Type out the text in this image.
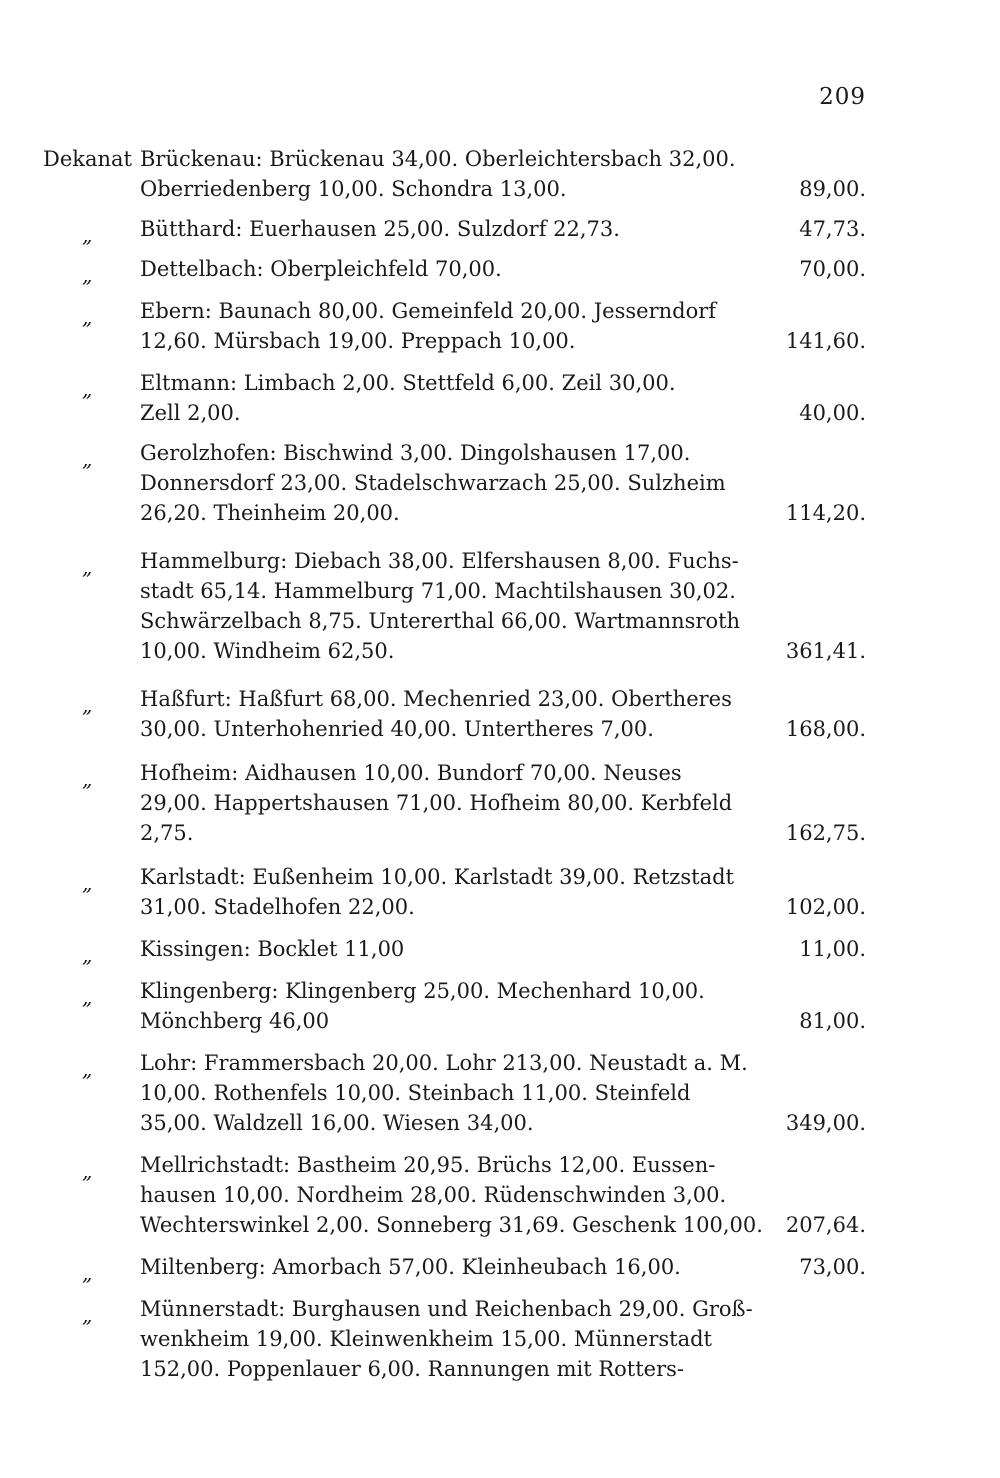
209
Dekanat Brückenau: Brückenau 34,00. Oberleichtersbach 32,00.
Oberriedenberg 10,00. Schondra 13,00.	89,00.
„ Bütthard: Euerhausen 25,00. Sulzdorf 22,73.	47,73.
„ Dettelbach: Oberpleichfeld 70,00.	70,00.
„ Ebern: Baunach 80,00. Gemeinfeld 20,00. Jesserndorf
12,60. Mürsbach 19,00. Preppach 10,00.	141,60.
„ Eltmann: Limbach 2,00. Stettfeld 6,00. Zeil 30,00.
Zell 2,00.	40,00.
„ Gerolzhofen: Bischwind 3,00. Dingolshausen 17,00.
Donnersdorf 23,00. Stadelschwarzach 25,00. Sulzheim
26,20. Theinheim 20,00.	114,20.
„ Hammelburg: Diebach 38,00. Elfershausen 8,00. Fuchs-
stadt 65,14. Hammelburg 71,00. Machtilshausen 30,02.
Schwärzelbach 8,75. Untererthal 66,00. Wartmannsroth
10,00. Windheim 62,50.	361,41.
„ Haßfurt: Haßfurt 68,00. Mechenried 23,00. Obertheres
30,00. Unterhohenried 40,00. Untertheres 7,00.	168,00.
„ Hofheim: Aidhausen 10,00. Bundorf 70,00. Neuses
29,00. Happertshausen 71,00. Hofheim 80,00. Kerbfeld
2,75.	162,75.
„ Karlstadt: Eußenheim 10,00. Karlstadt 39,00. Retzstadt
31,00. Stadelhofen 22,00.	102,00.
„ Kissingen: Bocklet 11,00	11,00.
„ Klingenberg: Klingenberg 25,00. Mechenhard 10,00.
Mönchberg 46,00	81,00.
„ Lohr: Frammersbach 20,00. Lohr 213,00. Neustadt a. M.
10,00. Rothenfels 10,00. Steinbach 11,00. Steinfeld
35,00. Waldzell 16,00. Wiesen 34,00.	349,00.
„ Mellrichstadt: Bastheim 20,95. Brüchs 12,00. Eussen-
hausen 10,00. Nordheim 28,00. Rüdenschwinden 3,00.
Wechterswinkel 2,00. Sonneberg 31,69. Geschenk 100,00.	207,64.
„ Miltenberg: Amorbach 57,00. Kleinheubach 16,00.	73,00.
„ Münnerstadt: Burghausen und Reichenbach 29,00. Groß-
wenkheim 19,00. Kleinwenkheim 15,00. Münnerstadt
152,00. Poppenlauer 6,00. Rannungen mit Rotters-
